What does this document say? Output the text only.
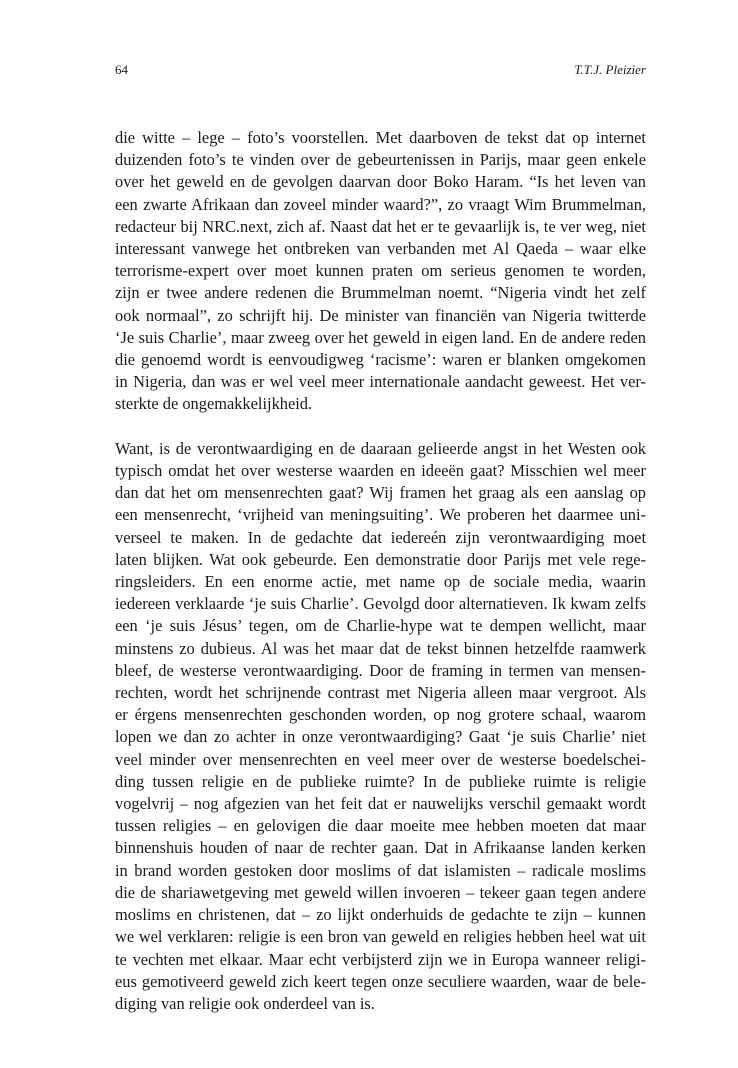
64	T.T.J. Pleizier

die witte – lege – foto’s voorstellen. Met daarboven de tekst dat op internet
duizenden foto’s te vinden over de gebeurtenissen in Parijs, maar geen enkele
over het geweld en de gevolgen daarvan door Boko Haram. “Is het leven van
een zwarte Afrikaan dan zoveel minder waard?”, zo vraagt Wim Brummelman,
redacteur bij NRC.next, zich af. Naast dat het er te gevaarlijk is, te ver weg, niet
interessant vanwege het ontbreken van verbanden met Al Qaeda – waar elke
terrorisme-expert over moet kunnen praten om serieus genomen te worden,
zijn er twee andere redenen die Brummelman noemt. “Nigeria vindt het zelf
ook normaal”, zo schrijft hij. De minister van financiën van Nigeria twitterde
‘Je suis Charlie’, maar zweeg over het geweld in eigen land. En de andere reden
die genoemd wordt is eenvoudigweg ‘racisme’: waren er blanken omgekomen
in Nigeria, dan was er wel veel meer internationale aandacht geweest. Het ver-
sterkte de ongemakkelijkheid.

Want, is de verontwaardiging en de daaraan gelieerde angst in het Westen ook
typisch omdat het over westerse waarden en ideeën gaat? Misschien wel meer
dan dat het om mensenrechten gaat? Wij framen het graag als een aanslag op
een mensenrecht, ‘vrijheid van meningsuiting’. We proberen het daarmee uni-
verseel te maken. In de gedachte dat iedereén zijn verontwaardiging moet
laten blijken. Wat ook gebeurde. Een demonstratie door Parijs met vele rege-
ringsleiders. En een enorme actie, met name op de sociale media, waarin
iedereen verklaarde ‘je suis Charlie’. Gevolgd door alternatieven. Ik kwam zelfs
een ‘je suis Jésus’ tegen, om de Charlie-hype wat te dempen wellicht, maar
minstens zo dubieus. Al was het maar dat de tekst binnen hetzelfde raamwerk
bleef, de westerse verontwaardiging. Door de framing in termen van mensen-
rechten, wordt het schrijnende contrast met Nigeria alleen maar vergroot. Als
er érgens mensenrechten geschonden worden, op nog grotere schaal, waarom
lopen we dan zo achter in onze verontwaardiging? Gaat ‘je suis Charlie’ niet
veel minder over mensenrechten en veel meer over de westerse boedelschei-
ding tussen religie en de publieke ruimte? In de publieke ruimte is religie
vogelvrij – nog afgezien van het feit dat er nauwelijks verschil gemaakt wordt
tussen religies – en gelovigen die daar moeite mee hebben moeten dat maar
binnenshuis houden of naar de rechter gaan. Dat in Afrikaanse landen kerken
in brand worden gestoken door moslims of dat islamisten – radicale moslims
die de shariawetgeving met geweld willen invoeren – tekeer gaan tegen andere
moslims en christenen, dat – zo lijkt onderhuids de gedachte te zijn – kunnen
we wel verklaren: religie is een bron van geweld en religies hebben heel wat uit
te vechten met elkaar. Maar echt verbijsterd zijn we in Europa wanneer religi-
eus gemotiveerd geweld zich keert tegen onze seculiere waarden, waar de bele-
diging van religie ook onderdeel van is.
